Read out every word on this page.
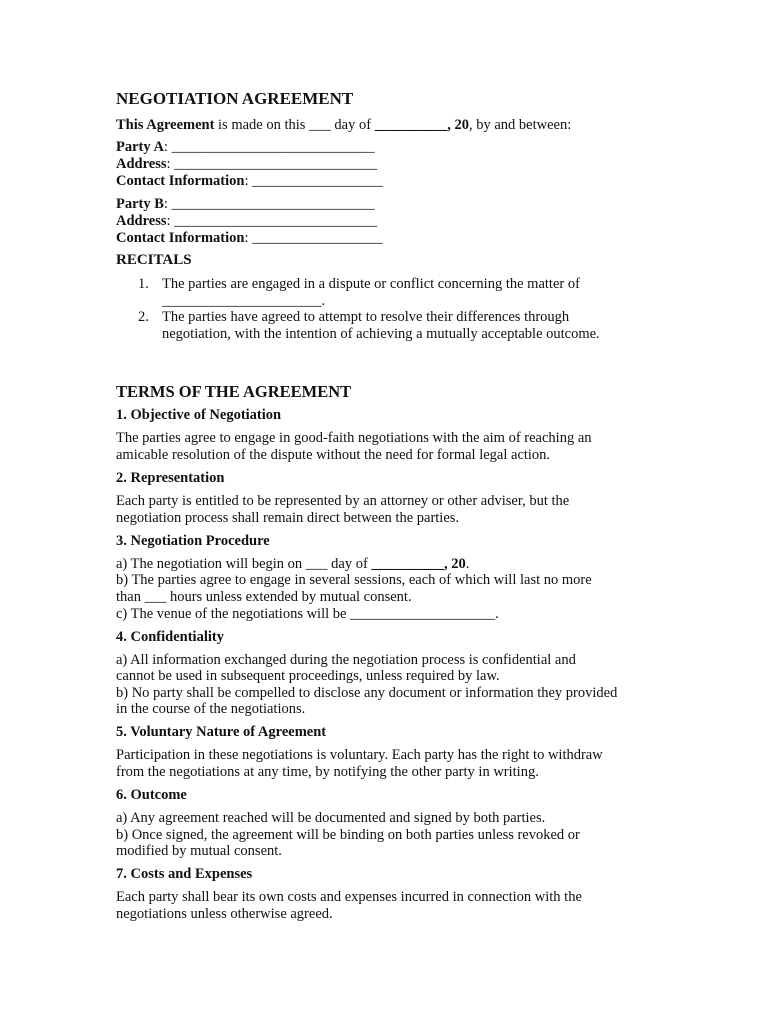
NEGOTIATION AGREEMENT
This Agreement is made on this ___ day of __________, 20, by and between:
Party A: ____________________________
Address: ____________________________
Contact Information: __________________
Party B: ____________________________
Address: ____________________________
Contact Information: __________________
RECITALS
1. The parties are engaged in a dispute or conflict concerning the matter of
______________________.
2. The parties have agreed to attempt to resolve their differences through
negotiation, with the intention of achieving a mutually acceptable outcome.
TERMS OF THE AGREEMENT
1. Objective of Negotiation
The parties agree to engage in good-faith negotiations with the aim of reaching an
amicable resolution of the dispute without the need for formal legal action.
2. Representation
Each party is entitled to be represented by an attorney or other adviser, but the
negotiation process shall remain direct between the parties.
3. Negotiation Procedure
a) The negotiation will begin on ___ day of __________, 20.
b) The parties agree to engage in several sessions, each of which will last no more
than ___ hours unless extended by mutual consent.
c) The venue of the negotiations will be ____________________.
4. Confidentiality
a) All information exchanged during the negotiation process is confidential and
cannot be used in subsequent proceedings, unless required by law.
b) No party shall be compelled to disclose any document or information they provided
in the course of the negotiations.
5. Voluntary Nature of Agreement
Participation in these negotiations is voluntary. Each party has the right to withdraw
from the negotiations at any time, by notifying the other party in writing.
6. Outcome
a) Any agreement reached will be documented and signed by both parties.
b) Once signed, the agreement will be binding on both parties unless revoked or
modified by mutual consent.
7. Costs and Expenses
Each party shall bear its own costs and expenses incurred in connection with the
negotiations unless otherwise agreed.
